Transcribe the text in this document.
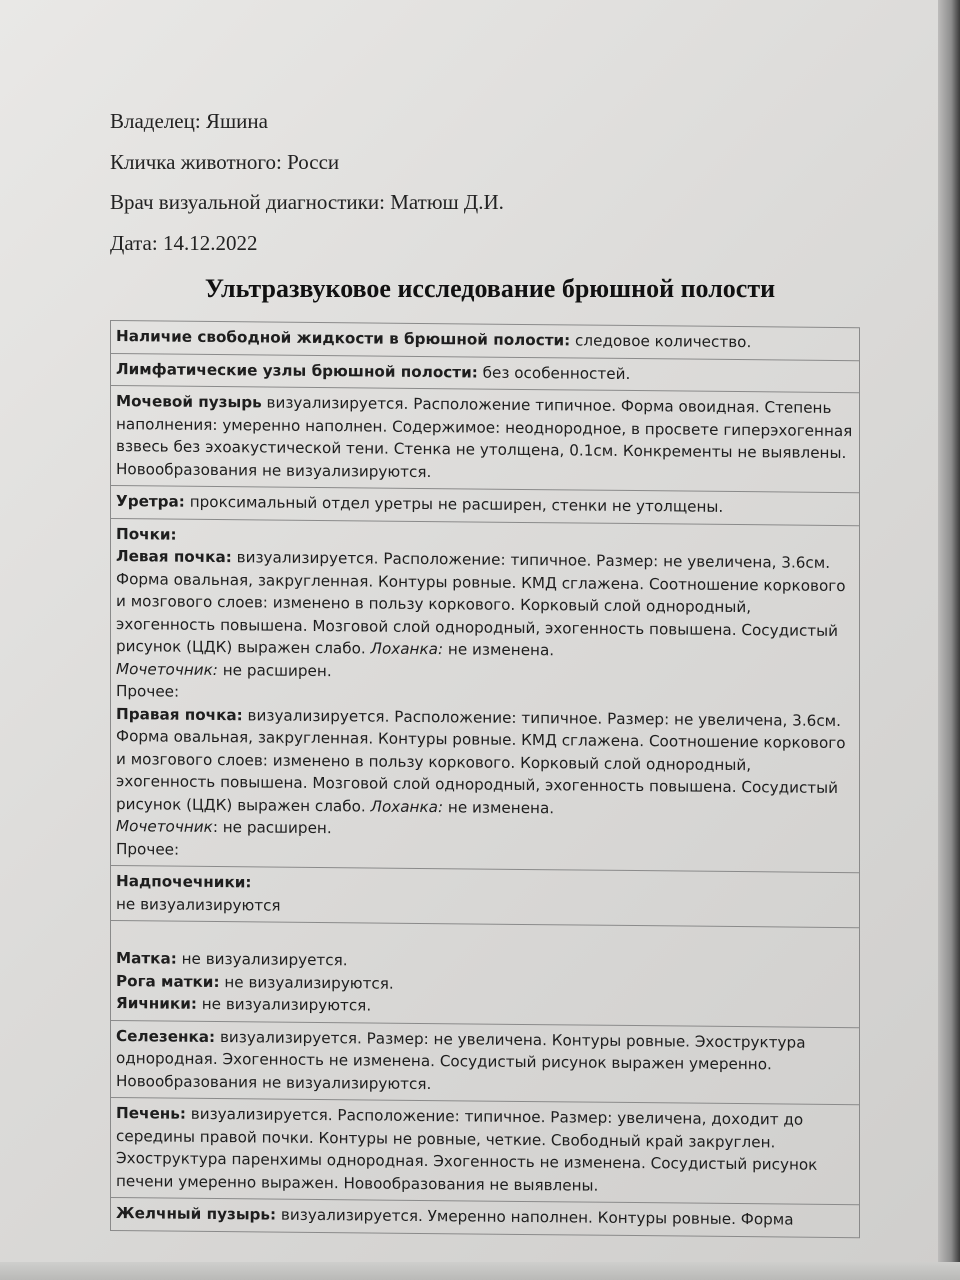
Владелец: Яшина
Кличка животного: Росси
Врач визуальной диагностики: Матюш Д.И.
Дата: 14.12.2022
Ультразвуковое исследование брюшной полости
Наличие свободной жидкости в брюшной полости: следовое количество.
Лимфатические узлы брюшной полости: без особенностей.
Мочевой пузырь визуализируется. Расположение типичное. Форма овоидная. Степень наполнения: умеренно наполнен. Содержимое: неоднородное, в просвете гиперэхогенная взвесь без эхоакустической тени. Стенка не утолщена, 0.1см. Конкременты не выявлены. Новообразования не визуализируются.
Уретра: проксимальный отдел уретры не расширен, стенки не утолщены.
Почки:
Левая почка: визуализируется. Расположение: типичное. Размер: не увеличена, 3.6см. Форма овальная, закругленная. Контуры ровные. КМД сглажена. Соотношение коркового и мозгового слоев: изменено в пользу коркового. Корковый слой однородный, эхогенность повышена. Мозговой слой однородный, эхогенность повышена. Сосудистый рисунок (ЦДК) выражен слабо. Лоханка: не изменена.
Мочеточник: не расширен.
Прочее:
Правая почка: визуализируется. Расположение: типичное. Размер: не увеличена, 3.6см. Форма овальная, закругленная. Контуры ровные. КМД сглажена. Соотношение коркового и мозгового слоев: изменено в пользу коркового. Корковый слой однородный, эхогенность повышена. Мозговой слой однородный, эхогенность повышена. Сосудистый рисунок (ЦДК) выражен слабо. Лоханка: не изменена.
Мочеточник: не расширен.
Прочее:
Надпочечники:
не визуализируются
Матка: не визуализируется.
Рога матки: не визуализируются.
Яичники: не визуализируются.
Селезенка: визуализируется. Размер: не увеличена. Контуры ровные. Эхоструктура однородная. Эхогенность не изменена. Сосудистый рисунок выражен умеренно. Новообразования не визуализируются.
Печень: визуализируется. Расположение: типичное. Размер: увеличена, доходит до середины правой почки. Контуры не ровные, четкие. Свободный край закруглен. Эхоструктура паренхимы однородная. Эхогенность не изменена. Сосудистый рисунок печени умеренно выражен. Новообразования не выявлены.
Желчный пузырь: визуализируется. Умеренно наполнен. Контуры ровные. Форма
